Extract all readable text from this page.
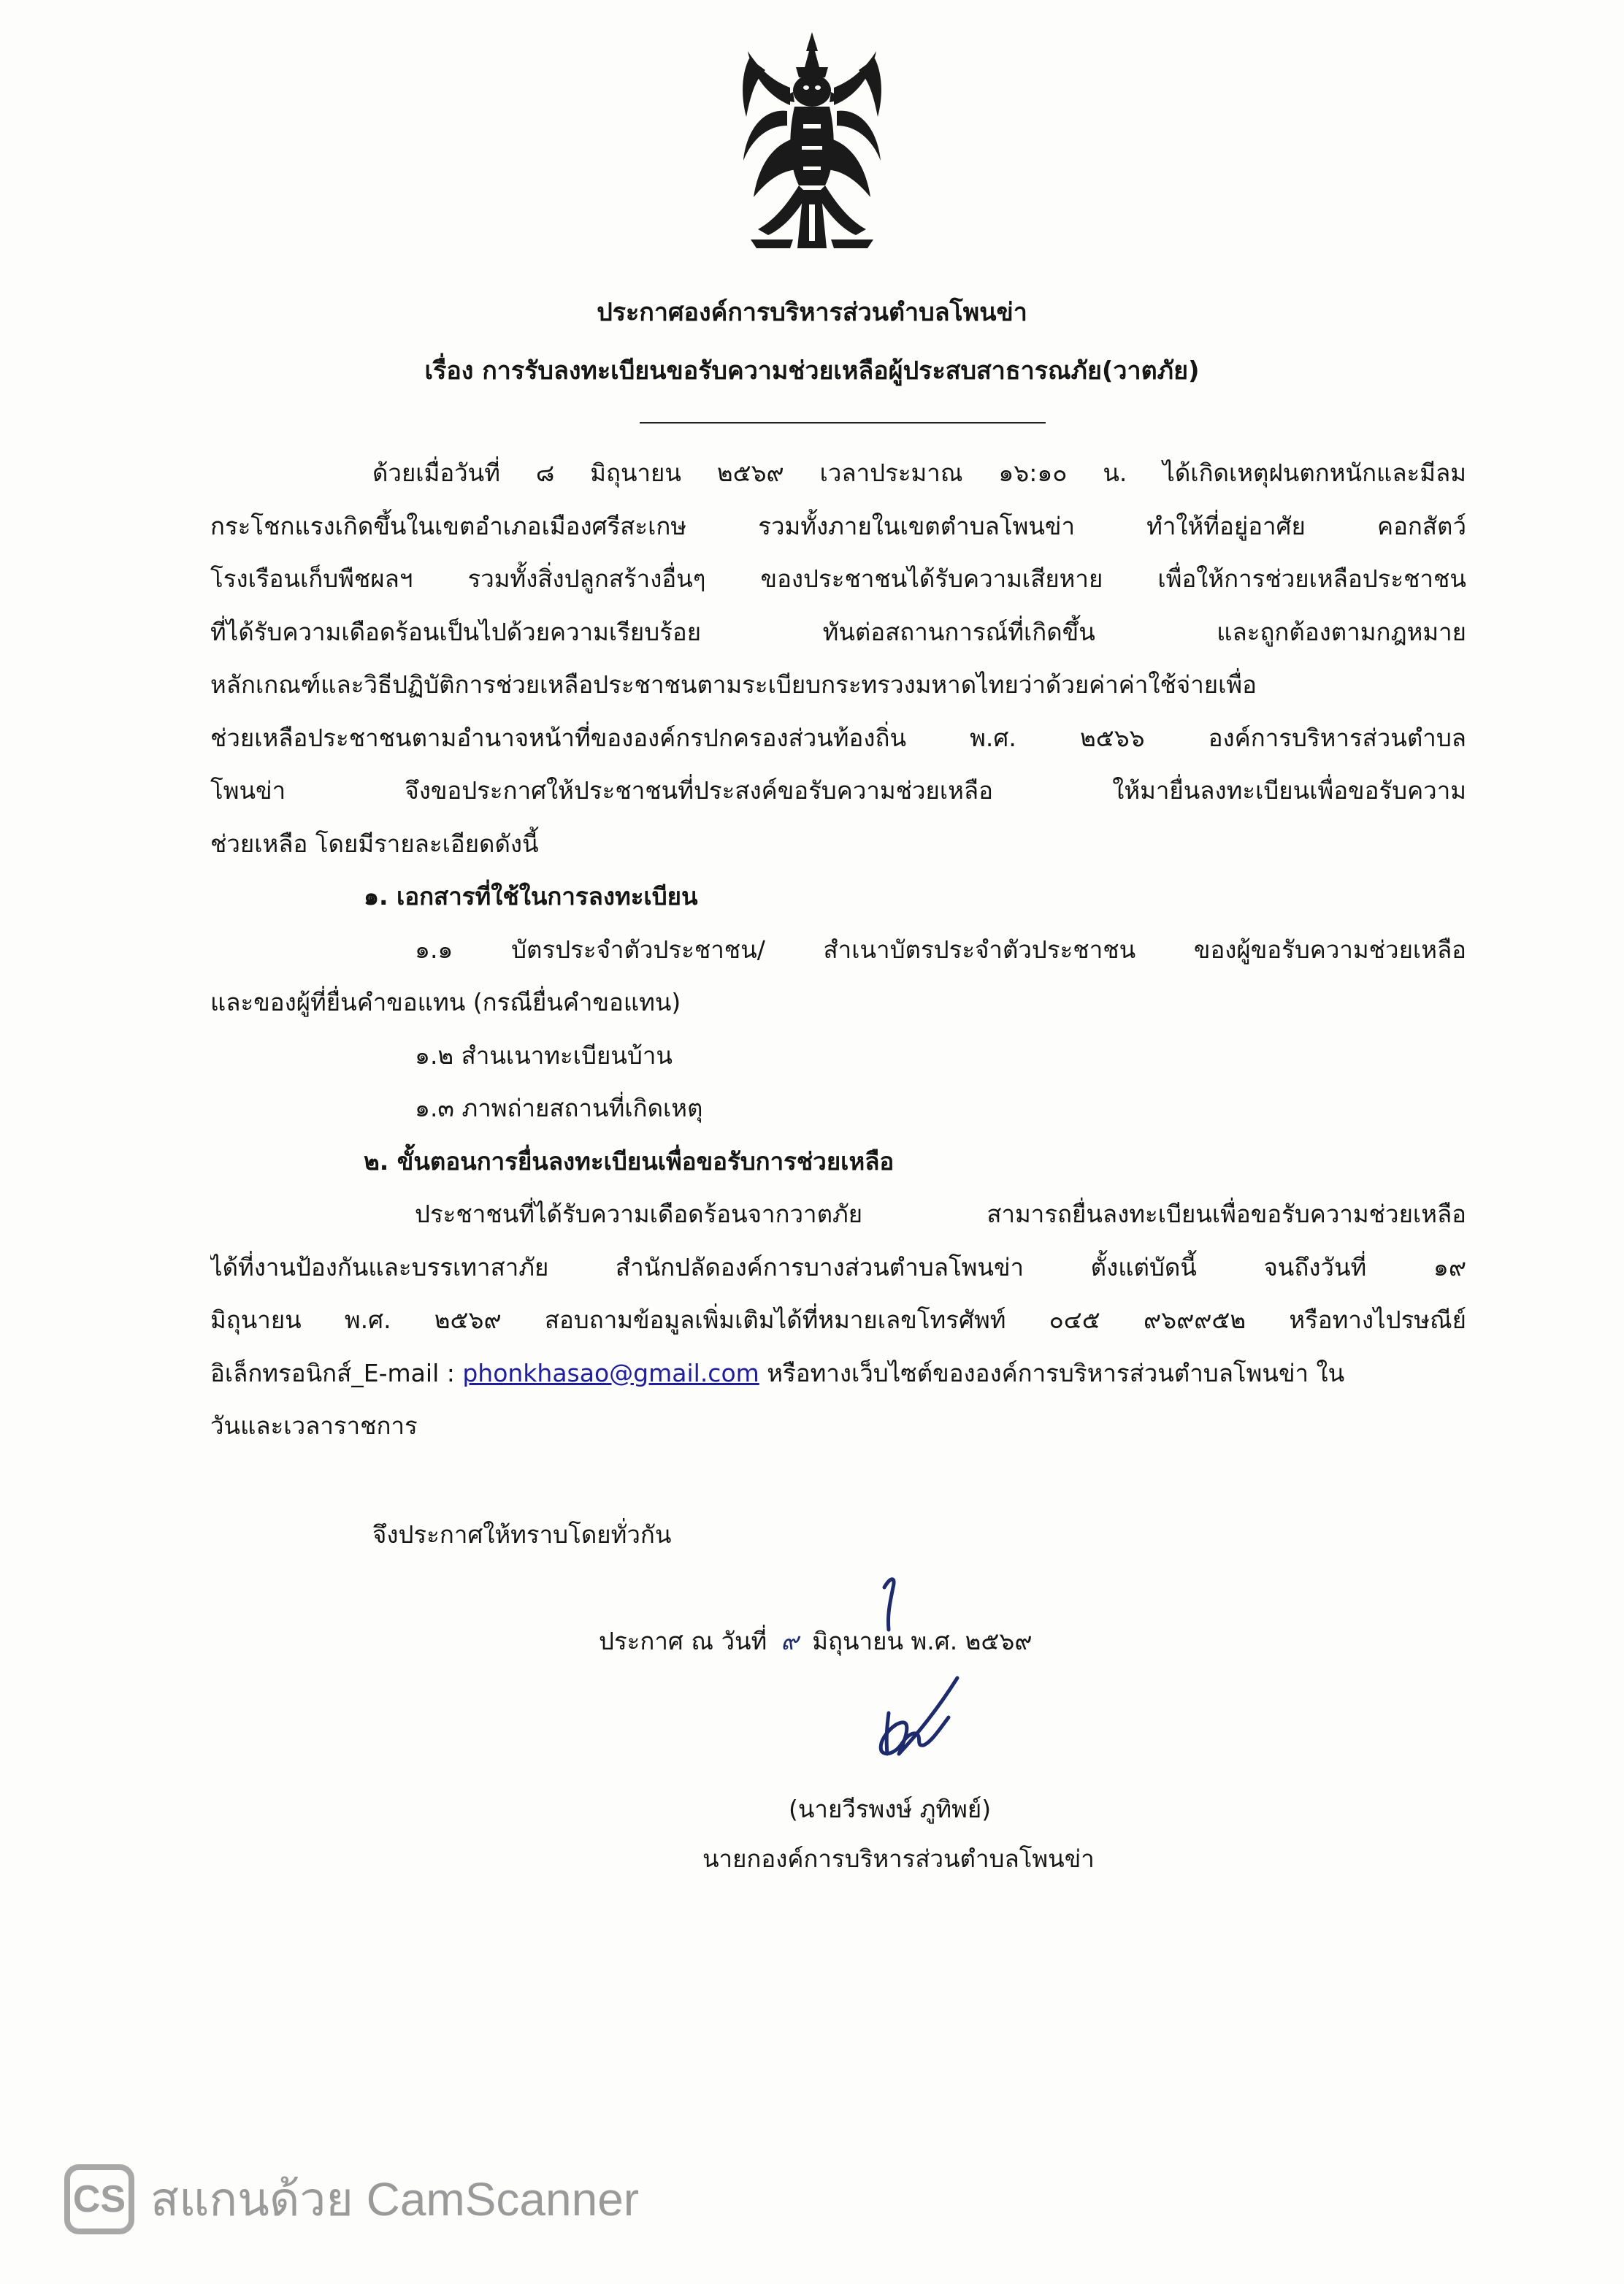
ประกาศองค์การบริหารส่วนตำบลโพนข่า
เรื่อง การรับลงทะเบียนขอรับความช่วยเหลือผู้ประสบสาธารณภัย(วาตภัย)
ด้วยเมื่อวันที่ ๘ มิถุนายน ๒๕๖๙ เวลาประมาณ ๑๖:๑๐ น. ได้เกิดเหตุฝนตกหนักและมีลม
กระโชกแรงเกิดขึ้นในเขตอำเภอเมืองศรีสะเกษ รวมทั้งภายในเขตตำบลโพนข่า ทำให้ที่อยู่อาศัย คอกสัตว์
โรงเรือนเก็บพืชผลฯ รวมทั้งสิ่งปลูกสร้างอื่นๆ ของประชาชนได้รับความเสียหาย เพื่อให้การช่วยเหลือประชาชน
ที่ได้รับความเดือดร้อนเป็นไปด้วยความเรียบร้อย ทันต่อสถานการณ์ที่เกิดขึ้น และถูกต้องตามกฎหมาย
หลักเกณฑ์และวิธีปฏิบัติการช่วยเหลือประชาชนตามระเบียบกระทรวงมหาดไทยว่าด้วยค่าค่าใช้จ่ายเพื่อ
ช่วยเหลือประชาชนตามอำนาจหน้าที่ขององค์กรปกครองส่วนท้องถิ่น พ.ศ. ๒๕๖๖ องค์การบริหารส่วนตำบล
โพนข่า จึงขอประกาศให้ประชาชนที่ประสงค์ขอรับความช่วยเหลือ ให้มายื่นลงทะเบียนเพื่อขอรับความ
ช่วยเหลือ โดยมีรายละเอียดดังนี้
๑. เอกสารที่ใช้ในการลงทะเบียน
๑.๑ บัตรประจำตัวประชาชน/ สำเนาบัตรประจำตัวประชาชน ของผู้ขอรับความช่วยเหลือ
และของผู้ที่ยื่นคำขอแทน (กรณียื่นคำขอแทน)
๑.๒ สำนเนาทะเบียนบ้าน
๑.๓ ภาพถ่ายสถานที่เกิดเหตุ
๒. ขั้นตอนการยื่นลงทะเบียนเพื่อขอรับการช่วยเหลือ
ประชาชนที่ได้รับความเดือดร้อนจากวาตภัย สามารถยื่นลงทะเบียนเพื่อขอรับความช่วยเหลือ
ได้ที่งานป้องกันและบรรเทาสาภัย สำนักปลัดองค์การบางส่วนตำบลโพนข่า ตั้งแต่บัดนี้ จนถึงวันที่ ๑๙
มิถุนายน พ.ศ. ๒๕๖๙ สอบถามข้อมูลเพิ่มเติมได้ที่หมายเลขโทรศัพท์ ๐๔๕ ๙๖๙๙๕๒ หรือทางไปรษณีย์
อิเล็กทรอนิกส์_E-mail : phonkhasao@gmail.com หรือทางเว็บไซต์ขององค์การบริหารส่วนตำบลโพนข่า ใน
วันและเวลาราชการ
จึงประกาศให้ทราบโดยทั่วกัน
ประกาศ ณ วันที่ ๙ มิถุนายน พ.ศ. ๒๕๖๙
(นายวีรพงษ์ ภูทิพย์)
นายกองค์การบริหารส่วนตำบลโพนข่า
CS สแกนด้วย CamScanner
